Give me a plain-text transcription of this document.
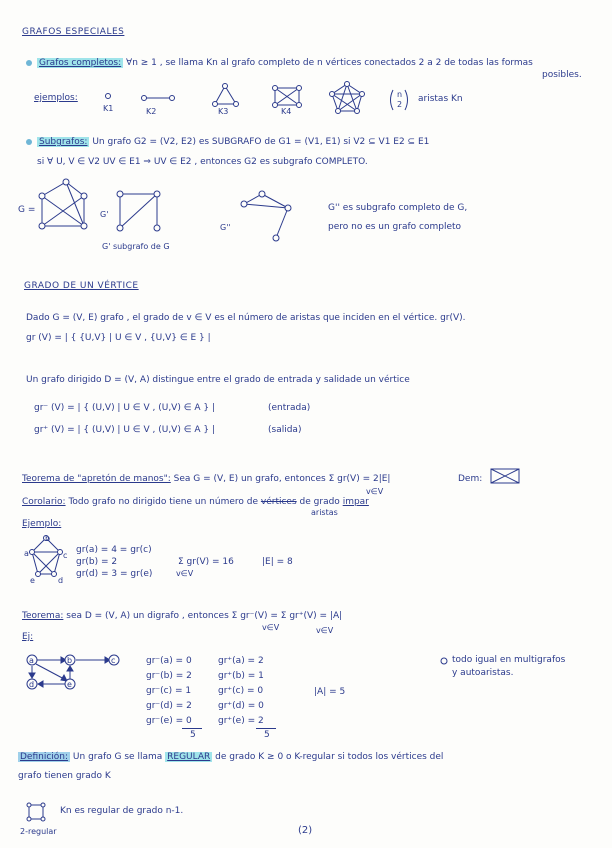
GRAFOS ESPECIALES
Grafos completos: ∀n ≥ 1 , se llama Kn al grafo completo de n vértices conectados 2 a 2 de todas las formas
posibles.
ejemplos:
K1	K2	K3	K4
n
2
aristas Kn
Subgrafos: Un grafo G2 = (V2, E2) es SUBGRAFO de G1 = (V1, E1) si V2 ⊆ V1 E2 ⊆ E1
si ∀ U, V ∈ V2 UV ∈ E1 ⇒ UV ∈ E2 , entonces G2 es subgrafo COMPLETO.
G =	G'
G' subgrafo de G
G''
G'' es subgrafo completo de G,
pero no es un grafo completo
GRADO DE UN VÉRTICE
Dado G = (V, E) grafo , el grado de v ∈ V es el número de aristas que inciden en el vértice. gr(V).
gr (V) = | { {U,V} | U ∈ V , {U,V} ∈ E } |
Un grafo dirigido D = (V, A) distingue entre el grado de entrada y salidade un vértice
gr⁻ (V) = | { (U,V) | U ∈ V , (U,V) ∈ A } |	(entrada)
gr⁺ (V) = | { (U,V) | U ∈ V , (U,V) ∈ A } |	(salida)
Teorema de "apretón de manos": Sea G = (V, E) un grafo, entonces Σ gr(V) = 2|E|
v∈V
Dem:
Corolario: Todo grafo no dirigido tiene un número de vértices de grado impar
aristas
Ejemplo:
a
b
c
e	d
gr(a) = 4 = gr(c)
gr(b) = 2
gr(d) = 3 = gr(e)
Σ gr(V) = 16
v∈V
|E| = 8
Teorema: sea D = (V, A) un digrafo , entonces Σ gr⁻(V) = Σ gr⁺(V) = |A|
v∈V	v∈V
Ej:
a	b	c
d	e
gr⁻(a) = 0
gr⁻(b) = 2
gr⁻(c) = 1
gr⁻(d) = 2
gr⁻(e) = 0
5
gr⁺(a) = 2
gr⁺(b) = 1
gr⁺(c) = 0
gr⁺(d) = 0
gr⁺(e) = 2
5
|A| = 5
todo igual en multigrafos
y autoaristas.
Definición: Un grafo G se llama REGULAR de grado K ≥ 0 o K-regular si todos los vértices del
grafo tienen grado K
Kn es regular de grado n-1.
2-regular	(2)
